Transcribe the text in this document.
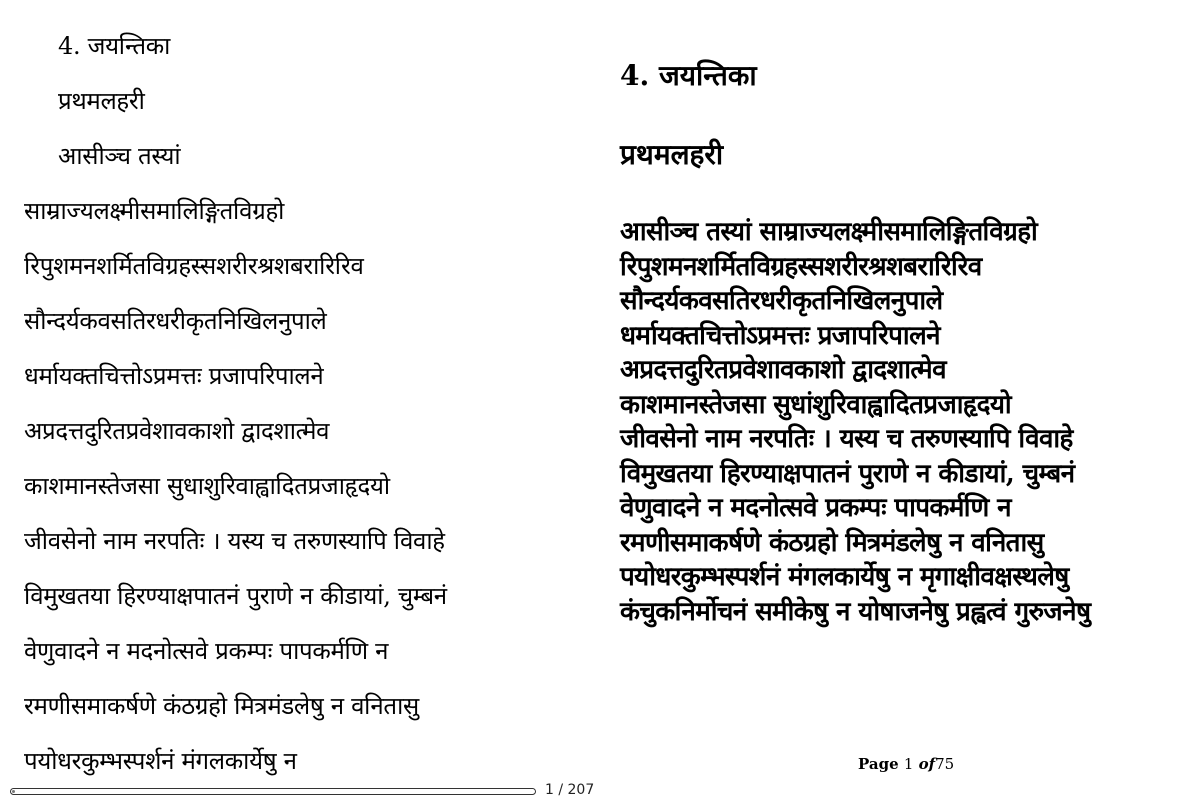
4. जयन्तिका
प्रथमलहरी
आसीञ्च तस्यां
साम्राज्यलक्ष्मीसमालिङ्गितविग्रहो
रिपुशमनशर्मितविग्रहस्सशरीरश्रशबरारिरिव
सौन्दर्यकवसतिरधरीकृतनिखिलनुपाले
धर्मायक्तचित्तोऽप्रमत्तः प्रजापरिपालने
अप्रदत्तदुरितप्रवेशावकाशो द्वादशात्मेव
काशमानस्तेजसा सुधाशुरिवाह्वादितप्रजाहृदयो
जीवसेनो नाम नरपतिः । यस्य च तरुणस्यापि विवाहे
विमुखतया हिरण्याक्षपातनं पुराणे न कीडायां, चुम्बनं
वेणुवादने न मदनोत्सवे प्रकम्पः पापकर्मणि न
रमणीसमाकर्षणे कंठग्रहो मित्रमंडलेषु न वनितासु
पयोधरकुम्भस्पर्शनं मंगलकार्येषु न
1 / 207
4. जयन्तिका
प्रथमलहरी
आसीञ्च तस्यां साम्राज्यलक्ष्मीसमालिङ्गितविग्रहो
रिपुशमनशर्मितविग्रहस्सशरीरश्रशबरारिरिव
सौन्दर्यकवसतिरधरीकृतनिखिलनुपाले
धर्मायक्तचित्तोऽप्रमत्तः प्रजापरिपालने
अप्रदत्तदुरितप्रवेशावकाशो द्वादशात्मेव
काशमानस्तेजसा सुधांशुरिवाह्वादितप्रजाहृदयो
जीवसेनो नाम नरपतिः । यस्य च तरुणस्यापि विवाहे
विमुखतया हिरण्याक्षपातनं पुराणे न कीडायां, चुम्बनं
वेणुवादने न मदनोत्सवे प्रकम्पः पापकर्मणि न
रमणीसमाकर्षणे कंठग्रहो मित्रमंडलेषु न वनितासु
पयोधरकुम्भस्पर्शनं मंगलकार्येषु न मृगाक्षीवक्षस्थलेषु
कंचुकनिर्मोचनं समीकेषु न योषाजनेषु प्रह्वत्वं गुरुजनेषु
Page 1 of75
